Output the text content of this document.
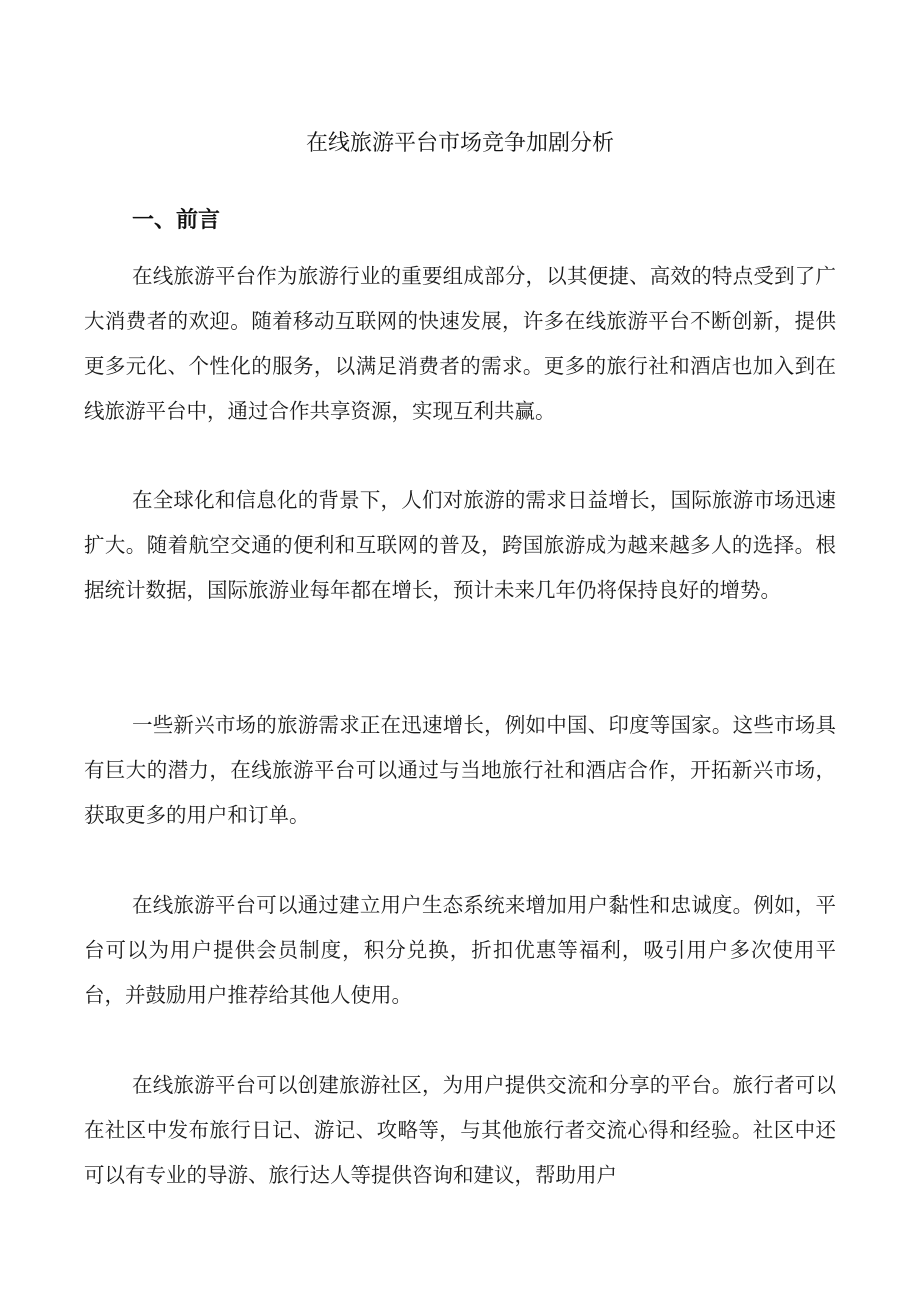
在线旅游平台市场竞争加剧分析
一、前言

在线旅游平台作为旅游行业的重要组成部分，以其便捷、高效的特点受到了广大消费者的欢迎。随着移动互联网的快速发展，许多在线旅游平台不断创新，提供更多元化、个性化的服务，以满足消费者的需求。更多的旅行社和酒店也加入到在线旅游平台中，通过合作共享资源，实现互利共赢。

在全球化和信息化的背景下，人们对旅游的需求日益增长，国际旅游市场迅速扩大。随着航空交通的便利和互联网的普及，跨国旅游成为越来越多人的选择。根据统计数据，国际旅游业每年都在增长，预计未来几年仍将保持良好的增势。

一些新兴市场的旅游需求正在迅速增长，例如中国、印度等国家。这些市场具有巨大的潜力，在线旅游平台可以通过与当地旅行社和酒店合作，开拓新兴市场，获取更多的用户和订单。

在线旅游平台可以通过建立用户生态系统来增加用户黏性和忠诚度。例如，平台可以为用户提供会员制度，积分兑换，折扣优惠等福利，吸引用户多次使用平台，并鼓励用户推荐给其他人使用。

在线旅游平台可以创建旅游社区，为用户提供交流和分享的平台。旅行者可以在社区中发布旅行日记、游记、攻略等，与其他旅行者交流心得和经验。社区中还可以有专业的导游、旅行达人等提供咨询和建议，帮助用户
